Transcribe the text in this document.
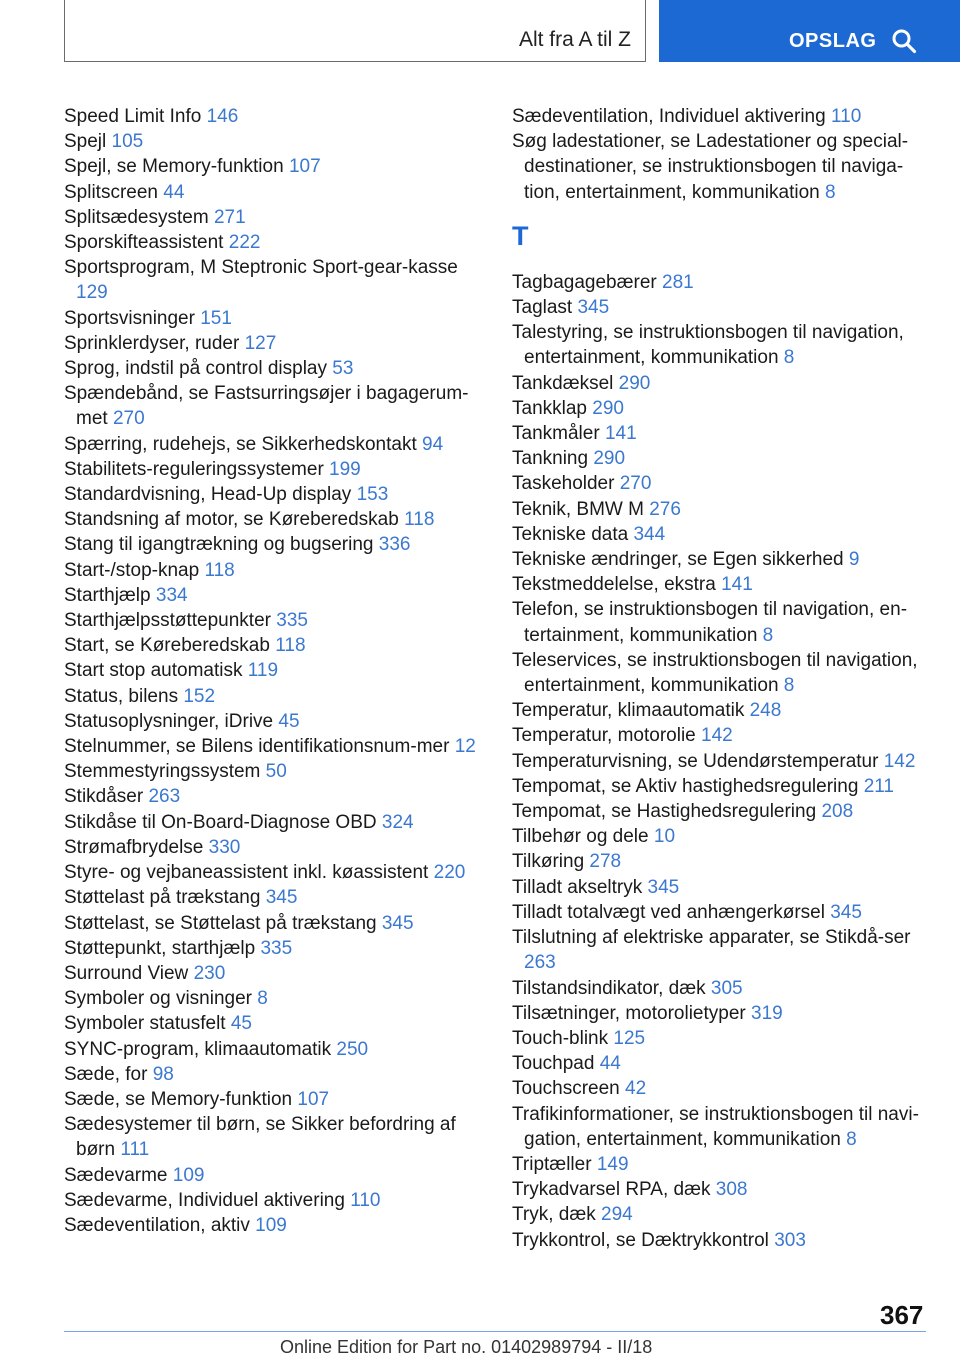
Alt fra A til Z	OPSLAG

Speed Limit Info 146

Spejl 105

Spejl, se Memory-funktion 107

Splitscreen 44

Splitsædesystem 271

Sporskifteassistent 222

Sportsprogram, M Steptronic Sport-gear-kasse 129

Sportsvisninger 151

Sprinklerdyser, ruder 127

Sprog, indstil på control display 53

Spændebånd, se Fastsurringsøjer i bagagerum-met 270

Spærring, rudehejs, se Sikkerhedskontakt 94

Stabilitets-reguleringssystemer 199

Standardvisning, Head-Up display 153

Standsning af motor, se Køreberedskab 118

Stang til igangtrækning og bugsering 336

Start-/stop-knap 118

Starthjælp 334

Starthjælpsstøttepunkter 335

Start, se Køreberedskab 118

Start stop automatisk 119

Status, bilens 152

Statusoplysninger, iDrive 45

Stelnummer, se Bilens identifikationsnum-mer 12

Stemmestyringssystem 50

Stikdåser 263

Stikdåse til On-Board-Diagnose OBD 324

Strømafbrydelse 330

Styre- og vejbaneassistent inkl. køassistent 220

Støttelast på trækstang 345

Støttelast, se Støttelast på trækstang 345

Støttepunkt, starthjælp 335

Surround View 230

Symboler og visninger 8

Symboler statusfelt 45

SYNC-program, klimaautomatik 250

Sæde, for 98

Sæde, se Memory-funktion 107

Sædesystemer til børn, se Sikker befordring af børn 111

Sædevarme 109

Sædevarme, Individuel aktivering 110

Sædeventilation, aktiv 109

Sædeventilation, Individuel aktivering 110

Søg ladestationer, se Ladestationer og special-destinationer, se instruktionsbogen til naviga-tion, entertainment, kommunikation 8

T

Tagbagagebærer 281

Taglast 345

Talestyring, se instruktionsbogen til navigation, entertainment, kommunikation 8

Tankdæksel 290

Tankklap 290

Tankmåler 141

Tankning 290

Taskeholder 270

Teknik, BMW M 276

Tekniske data 344

Tekniske ændringer, se Egen sikkerhed 9

Tekstmeddelelse, ekstra 141

Telefon, se instruktionsbogen til navigation, en-tertainment, kommunikation 8

Teleservices, se instruktionsbogen til navigation, entertainment, kommunikation 8

Temperatur, klimaautomatik 248

Temperatur, motorolie 142

Temperaturvisning, se Udendørstemperatur 142

Tempomat, se Aktiv hastighedsregulering 211

Tempomat, se Hastighedsregulering 208

Tilbehør og dele 10

Tilkøring 278

Tilladt akseltryk 345

Tilladt totalvægt ved anhængerkørsel 345

Tilslutning af elektriske apparater, se Stikdå-ser 263

Tilstandsindikator, dæk 305

Tilsætninger, motorolietyper 319

Touch-blink 125

Touchpad 44

Touchscreen 42

Trafikinformationer, se instruktionsbogen til navi-gation, entertainment, kommunikation 8

Triptæller 149

Trykadvarsel RPA, dæk 308

Tryk, dæk 294

Trykkontrol, se Dæktrykkontrol 303

367
Online Edition for Part no. 01402989794 - II/18
